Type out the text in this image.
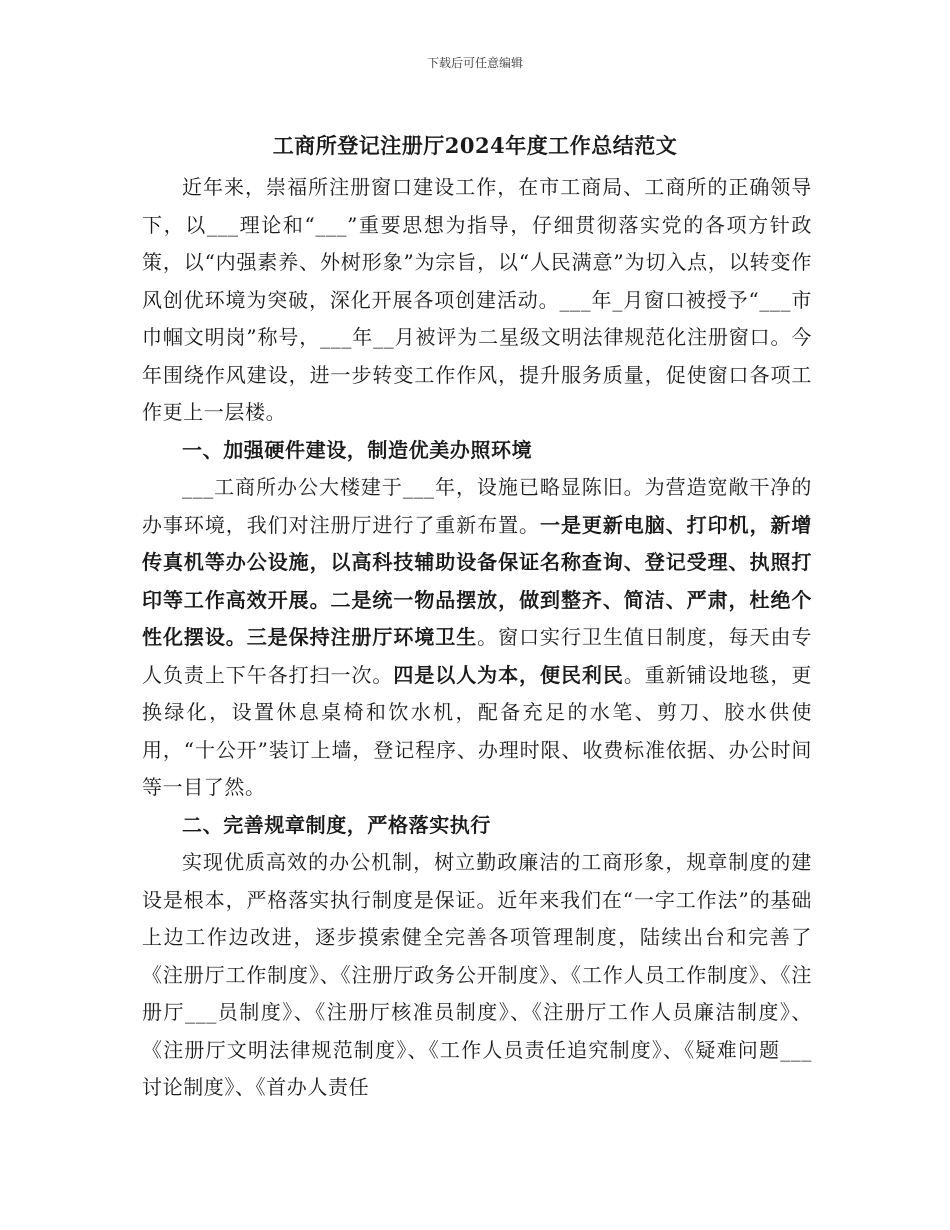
下载后可任意编辑
工商所登记注册厅2024年度工作总结范文

近年来，崇福所注册窗口建设工作，在市工商局、工商所的正确领导下，以___理论和“___”重要思想为指导，仔细贯彻落实党的各项方针政策，以“内强素养、外树形象”为宗旨，以“人民满意”为切入点，以转变作风创优环境为突破，深化开展各项创建活动。___年_月窗口被授予“___市巾帼文明岗”称号，___年__月被评为二星级文明法律规范化注册窗口。今年围绕作风建设，进一步转变工作作风，提升服务质量，促使窗口各项工作更上一层楼。

一、加强硬件建设，制造优美办照环境

___工商所办公大楼建于___年，设施已略显陈旧。为营造宽敞干净的办事环境，我们对注册厅进行了重新布置。一是更新电脑、打印机，新增传真机等办公设施，以高科技辅助设备保证名称查询、登记受理、执照打印等工作高效开展。二是统一物品摆放，做到整齐、简洁、严肃，杜绝个性化摆设。三是保持注册厅环境卫生。窗口实行卫生值日制度，每天由专人负责上下午各打扫一次。四是以人为本，便民利民。重新铺设地毯，更换绿化，设置休息桌椅和饮水机，配备充足的水笔、剪刀、胶水供使用，“十公开”装订上墙，登记程序、办理时限、收费标准依据、办公时间等一目了然。

二、完善规章制度，严格落实执行

实现优质高效的办公机制，树立勤政廉洁的工商形象，规章制度的建设是根本，严格落实执行制度是保证。近年来我们在“一字工作法”的基础上边工作边改进，逐步摸索健全完善各项管理制度，陆续出台和完善了《注册厅工作制度》、《注册厅政务公开制度》、《工作人员工作制度》、《注册厅___员制度》、《注册厅核准员制度》、《注册厅工作人员廉洁制度》、《注册厅文明法律规范制度》、《工作人员责任追究制度》、《疑难问题___讨论制度》、《首办人责任
